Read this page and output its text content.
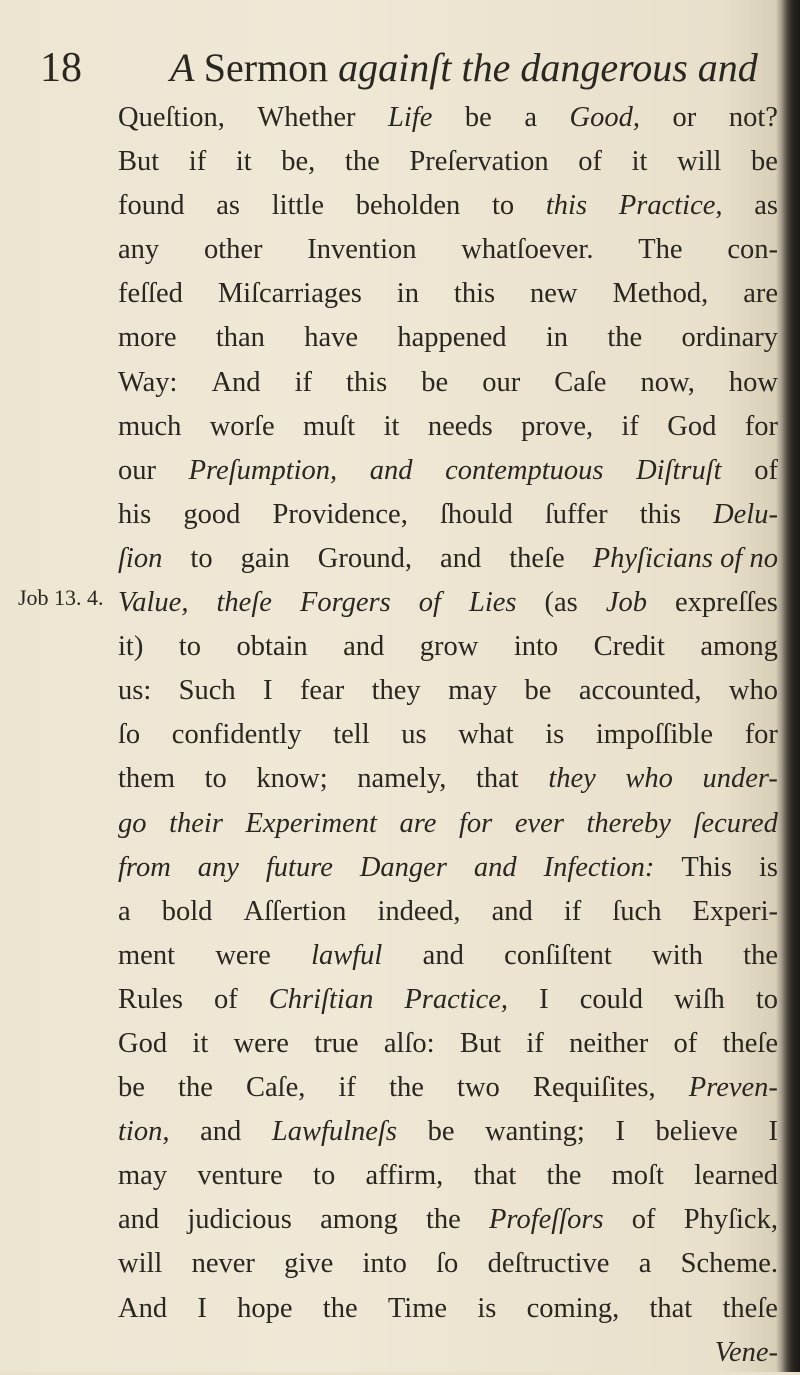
18 A Sermon againſt the dangerous and
Job 13. 4.
Queſtion, Whether Life be a Good, or not?
But if it be, the Preſervation of it will be
found as little beholden to this Practice, as
any other Invention whatſoever. The con-
feſſed Miſcarriages in this new Method, are
more than have happened in the ordinary
Way: And if this be our Caſe now, how
much worſe muſt it needs prove, if God for
our Preſumption, and contemptuous Diſtruſt of
his good Providence, ſhould ſuffer this Delu-
ſion to gain Ground, and theſe Phyſicians of no
Value, theſe Forgers of Lies (as Job expreſſes
it) to obtain and grow into Credit among
us: Such I fear they may be accounted, who
ſo confidently tell us what is impoſſible for
them to know; namely, that they who under-
go their Experiment are for ever thereby ſecured
from any future Danger and Infection: This is
a bold Aſſertion indeed, and if ſuch Experi-
ment were lawful and conſiſtent with the
Rules of Chriſtian Practice, I could wiſh to
God it were true alſo: But if neither of theſe
be the Caſe, if the two Requiſites, Preven-
tion, and Lawfulneſs be wanting; I believe I
may venture to affirm, that the moſt learned
and judicious among the Profeſſors of Phyſick,
will never give into ſo deſtructive a Scheme.
And I hope the Time is coming, that theſe
Vene-
